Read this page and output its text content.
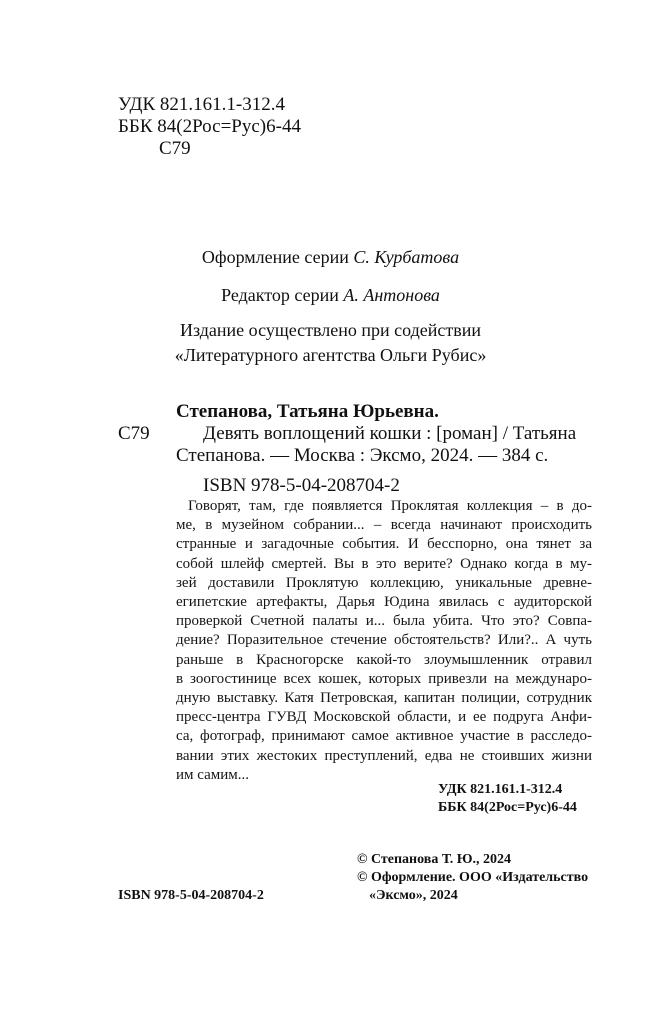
УДК 821.161.1-312.4
ББК 84(2Рос=Рус)6-44
С79
Оформление серии С. Курбатова
Редактор серии А. Антонова
Издание осуществлено при содействии
«Литературного агентства Ольги Рубис»
Степанова, Татьяна Юрьевна.
С79	Девять воплощений кошки : [роман] / Татьяна
Степанова. — Москва : Эксмо, 2024. — 384 с.
ISBN 978-5-04-208704-2
Говорят, там, где появляется Проклятая коллекция – в до-
ме, в музейном собрании... – всегда начинают происходить
странные и загадочные события. И бесспорно, она тянет за
собой шлейф смертей. Вы в это верите? Однако когда в му-
зей доставили Проклятую коллекцию, уникальные древне-
египетские артефакты, Дарья Юдина явилась с аудиторской
проверкой Счетной палаты и... была убита. Что это? Совпа-
дение? Поразительное стечение обстоятельств? Или?.. А чуть
раньше в Красногорске какой-то злоумышленник отравил
в зоогостинице всех кошек, которых привезли на междунаро-
дную выставку. Катя Петровская, капитан полиции, сотрудник
пресс-центра ГУВД Московской области, и ее подруга Анфи-
са, фотограф, принимают самое активное участие в расследо-
вании этих жестоких преступлений, едва не стоивших жизни
им самим...
УДК 821.161.1-312.4
ББК 84(2Рос=Рус)6-44
© Степанова Т. Ю., 2024
© Оформление. ООО «Издательство
ISBN 978-5-04-208704-2	«Эксмо», 2024
